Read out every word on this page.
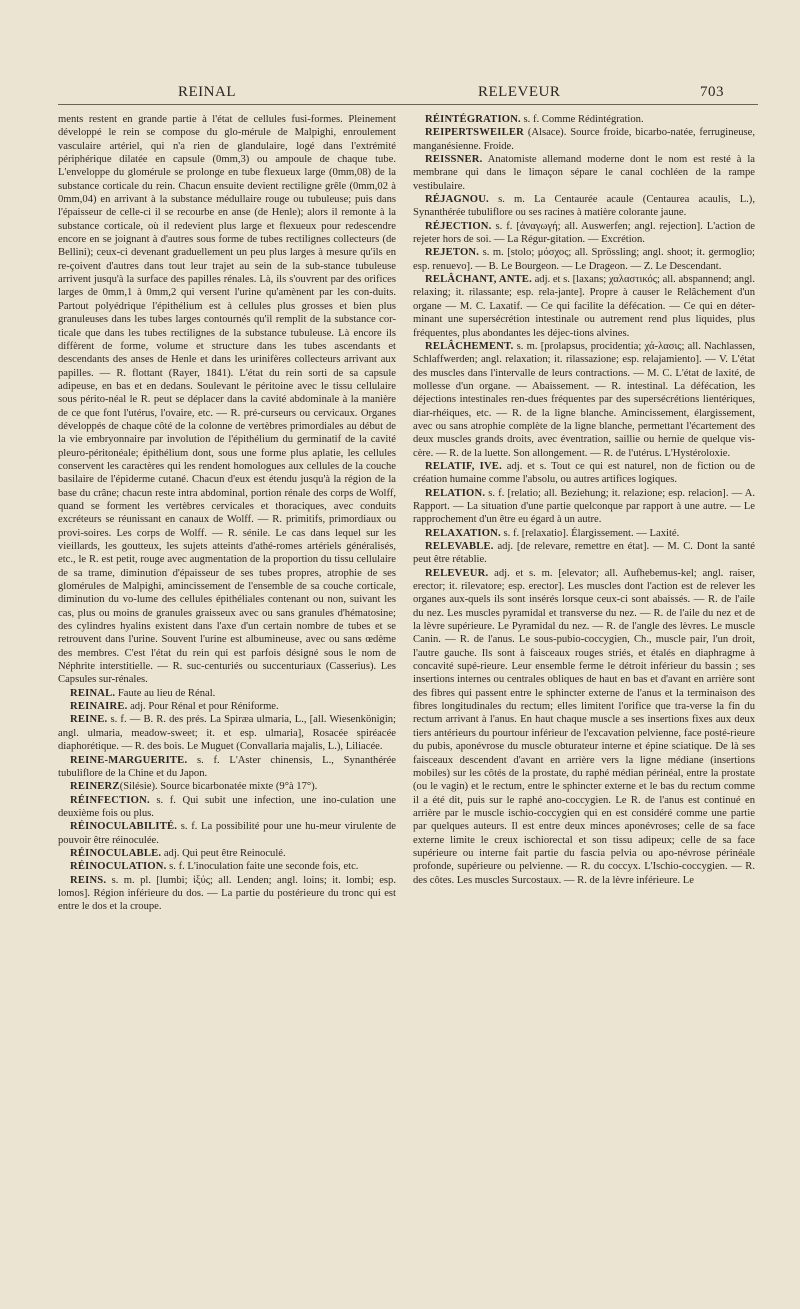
REINAL	RELEVEUR	703

ments restent en grande partie à l'état de cellules fusi-formes. Pleinement développé le rein se compose du glo-mérule de Malpighi, enroulement vasculaire artériel, qui n'a rien de glandulaire, logé dans l'extrémité périphérique dilatée en capsule (0mm,3) ou ampoule de chaque tube. L'enveloppe du glomérule se prolonge en tube flexueux large (0mm,08) de la substance corticale du rein. Chacun ensuite devient rectiligne grêle (0mm,02 à 0mm,04) en arrivant à la substance médullaire rouge ou tubuleuse; puis dans l'épaisseur de celle-ci il se recourbe en anse (de Henle); alors il remonte à la substance corticale, où il redevient plus large et flexueux pour redescendre encore en se joignant à d'autres sous forme de tubes rectilignes collecteurs (de Bellini); ceux-ci devenant graduellement un peu plus larges à mesure qu'ils en re-çoivent d'autres dans tout leur trajet au sein de la sub-stance tubuleuse arrivent jusqu'à la surface des papilles rénales. Là, ils s'ouvrent par des orifices larges de 0mm,1 à 0mm,2 qui versent l'urine qu'amènent par les con-duits. Partout polyédrique l'épithélium est à cellules plus grosses et bien plus granuleuses dans les tubes larges contournés qu'il remplit de la substance cor-ticale que dans les tubes rectilignes de la substance tubuleuse. Là encore ils diffèrent de forme, volume et structure dans les tubes ascendants et descendants des anses de Henle et dans les urinifères collecteurs arrivant aux papilles. — R. flottant (Rayer, 1841). L'état du rein sorti de sa capsule adipeuse, en bas et en dedans. Soulevant le péritoine avec le tissu cellulaire sous périto-néal le R. peut se déplacer dans la cavité abdominale à la manière de ce que font l'utérus, l'ovaire, etc. — R. pré-curseurs ou cervicaux. Organes développés de chaque côté de la colonne de vertèbres primordiales au début de la vie embryonnaire par involution de l'épithélium du germinatif de la cavité pleuro-péritonéale; épithélium dont, sous une forme plus aplatie, les cellules conservent les caractères qui les rendent homologues aux cellules de la couche basilaire de l'épiderme cutané. Chacun d'eux est étendu jusqu'à la région de la base du crâne; chacun reste intra abdominal, portion rénale des corps de Wolff, quand se forment les vertèbres cervicales et thoraciques, avec conduits excréteurs se réunissant en canaux de Wolff. — R. primitifs, primordiaux ou provi-soires. Les corps de Wolff. — R. sénile. Le cas dans lequel sur les vieillards, les goutteux, les sujets atteints d'athé-romes artériels généralisés, etc., le R. est petit, rouge avec augmentation de la proportion du tissu cellulaire de sa trame, diminution d'épaisseur de ses tubes propres, atrophie de ses glomérules de Malpighi, amincissement de l'ensemble de sa couche corticale, diminution du vo-lume des cellules épithéliales contenant ou non, suivant les cas, plus ou moins de granules graisseux avec ou sans granules d'hématosine; des cylindres hyalins existent dans l'axe d'un certain nombre de tubes et se retrouvent dans l'urine. Souvent l'urine est albumineuse, avec ou sans œdème des membres. C'est l'état du rein qui est parfois désigné sous le nom de Néphrite interstitielle. — R. suc-centuriés ou succenturiaux (Casserius). Les Capsules sur-rénales.

REINAL. Faute au lieu de Rénal.

REINAIRE. adj. Pour Rénal et pour Réniforme.

REINE. s. f. — B. R. des prés. La Spiræa ulmaria, L., [all. Wiesenkönigin; angl. ulmaria, meadow-sweet; it. et esp. ulmaria], Rosacée spiréacée diaphorétique. — R. des bois. Le Muguet (Convallaria majalis, L.), Liliacée.

REINE-MARGUERITE. s. f. L'Aster chinensis, L., Synanthérée tubuliflore de la Chine et du Japon.

REINERZ(Silésie). Source bicarbonatée mixte (9°à 17°).

RÉINFECTION. s. f. Qui subit une infection, une ino-culation une deuxième fois ou plus.

RÉINOCULABILITÉ. s. f. La possibilité pour une hu-meur virulente de pouvoir être réinoculée.

RÉINOCULABLE. adj. Qui peut être Reinoculé.

RÉINOCULATION. s. f. L'inoculation faite une seconde fois, etc.

REINS. s. m. pl. [lumbi; ἰξύς; all. Lenden; angl. loins; it. lombi; esp. lomos]. Région inférieure du dos. — La partie du postérieure du tronc qui est entre le dos et la croupe.

RÉINTÉGRATION. s. f. Comme Rédintégration.

REIPERTSWEILER (Alsace). Source froide, bicarbo-natée, ferrugineuse, manganésienne. Froide.

REISSNER. Anatomiste allemand moderne dont le nom est resté à la membrane qui dans le limaçon sépare le canal cochléen de la rampe vestibulaire.

RÉJAGNOU. s. m. La Centaurée acaule (Centaurea acaulis, L.), Synanthérée tubuliflore ou ses racines à matière colorante jaune.

RÉJECTION. s. f. [ἀναγωγή; all. Auswerfen; angl. rejection]. L'action de rejeter hors de soi. — La Régur-gitation. — Excrétion.

REJETON. s. m. [stolo; μόσχος; all. Sprössling; angl. shoot; it. germoglio; esp. renuevo]. — B. Le Bourgeon. — Le Drageon. — Z. Le Descendant.

RELÂCHANT, ANTE. adj. et s. [laxans; χαλαστικός; all. abspannend; angl. relaxing; it. rilassante; esp. rela-jante]. Propre à causer le Relâchement d'un organe — M. C. Laxatif. — Ce qui facilite la défécation. — Ce qui en déter-minant une supersécrétion intestinale ou autrement rend plus liquides, plus fréquentes, plus abondantes les déjec-tions alvines.

RELÂCHEMENT. s. m. [prolapsus, procidentia; χά-λασις; all. Nachlassen, Schlaffwerden; angl. relaxation; it. rilassazione; esp. relajamiento]. — V. L'état des muscles dans l'intervalle de leurs contractions. — M. C. L'état de laxité, de mollesse d'un organe. — Abaissement. — R. intestinal. La défécation, les déjections intestinales ren-dues fréquentes par des supersécrétions lientériques, diar-rhéiques, etc. — R. de la ligne blanche. Amincissement, élargissement, avec ou sans atrophie complète de la ligne blanche, permettant l'écartement des deux muscles grands droits, avec éventration, saillie ou hernie de quelque vis-cère. — R. de la luette. Son allongement. — R. de l'utérus. L'Hystéroloxie.

RELATIF, IVE. adj. et s. Tout ce qui est naturel, non de fiction ou de création humaine comme l'absolu, ou autres artifices logiques.

RELATION. s. f. [relatio; all. Beziehung; it. relazione; esp. relacion]. — A. Rapport. — La situation d'une partie quelconque par rapport à une autre. — Le rapprochement d'un être eu égard à un autre.

RELAXATION. s. f. [relaxatio]. Élargissement. — Laxité.

RELEVABLE. adj. [de relevare, remettre en état]. — M. C. Dont la santé peut être rétablie.

RELEVEUR. adj. et s. m. [elevator; all. Aufhebemus-kel; angl. raiser, erector; it. rilevatore; esp. erector]. Les muscles dont l'action est de relever les organes aux-quels ils sont insérés lorsque ceux-ci sont abaissés. — R. de l'aile du nez. Les muscles pyramidal et transverse du nez. — R. de l'aile du nez et de la lèvre supérieure. Le Pyramidal du nez. — R. de l'angle des lèvres. Le muscle Canin. — R. de l'anus. Le sous-pubio-coccygien, Ch., muscle pair, l'un droit, l'autre gauche. Ils sont à faisceaux rouges striés, et étalés en diaphragme à concavité supé-rieure. Leur ensemble ferme le détroit inférieur du bassin ; ses insertions internes ou centrales obliques de haut en bas et d'avant en arrière sont des fibres qui passent entre le sphincter externe de l'anus et la terminaison des fibres longitudinales du rectum; elles limitent l'orifice que tra-verse la fin du rectum arrivant à l'anus. En haut chaque muscle a ses insertions fixes aux deux tiers antérieurs du pourtour inférieur de l'excavation pelvienne, face posté-rieure du pubis, aponévrose du muscle obturateur interne et épine sciatique. De là ses faisceaux descendent d'avant en arrière vers la ligne médiane (insertions mobiles) sur les côtés de la prostate, du raphé médian périnéal, entre la prostate (ou le vagin) et le rectum, entre le sphincter externe et le bas du rectum comme il a été dit, puis sur le raphé ano-coccygien. Le R. de l'anus est continué en arrière par le muscle ischio-coccygien qui en est considéré comme une partie par quelques auteurs. Il est entre deux minces aponévroses; celle de sa face externe limite le creux ischiorectal et son tissu adipeux; celle de sa face supérieure ou interne fait partie du fascia pelvia ou apo-névrose périnéale profonde, supérieure ou pelvienne. — R. du coccyx. L'Ischio-coccygien. — R. des côtes. Les muscles Surcostaux. — R. de la lèvre inférieure. Le
